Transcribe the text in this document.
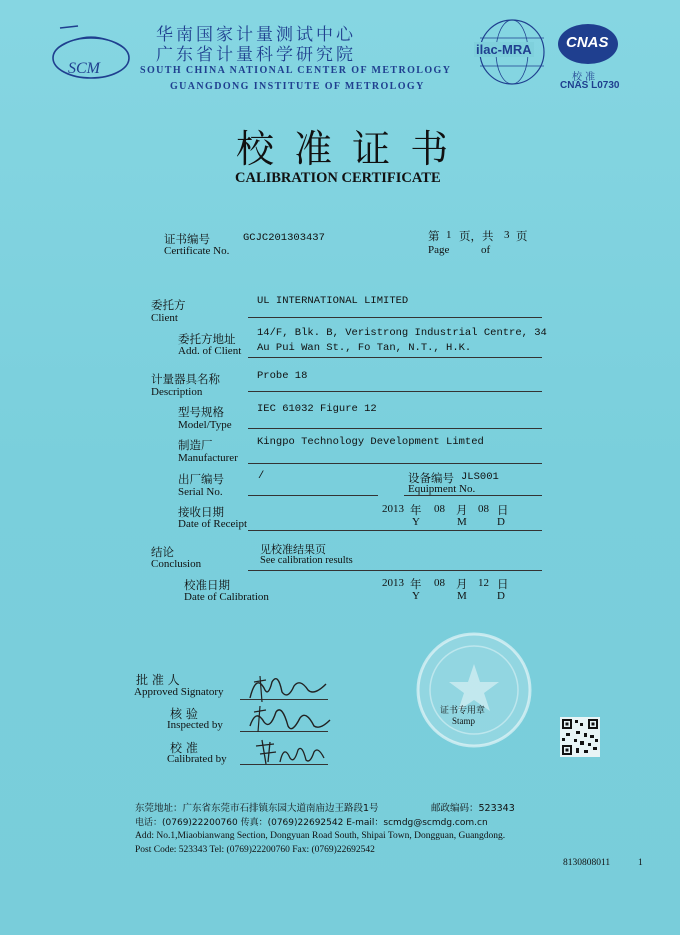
SCM
华南国家计量测试中心
广东省计量科学研究院
SOUTH CHINA NATIONAL CENTER OF METROLOGY
GUANGDONG INSTITUTE OF METROLOGY
ilac-MRA CNAS
校 准
CNAS L0730
校 准 证 书
CALIBRATION CERTIFICATE
证书编号
Certificate No.
GCJC201303437	第 1 页，共 3 页
Page	of
委托方
Client
UL INTERNATIONAL LIMITED
委托方地址
Add. of Client
14/F, Blk. B, Veristrong Industrial Centre, 34
Au Pui Wan St., Fo Tan, N.T., H.K.
计量器具名称
Description
Probe 18
型号规格
Model/Type
IEC 61032 Figure 12
制造厂
Manufacturer
Kingpo Technology Development Limted
出厂编号
Serial No.
/	设备编号 JLS001
Equipment No.
接收日期
Date of Receipt
2013 年 08 月 08 日
Y	M	D
结论
Conclusion
见校准结果页
See calibration results
校准日期
Date of Calibration
2013 年 08 月 12 日
Y	M	D
批 准 人
Approved Signatory
核 验
Inspected by
校 准
Calibrated by
证书专用章
Stamp
东莞地址：广东省东莞市石排镇东园大道南庙边王路段1号	邮政编码：523343
电话：(0769)22200760 传真：(0769)22692542 E-mail：scmdg@scmdg.com.cn
Add: No.1,Miaobianwang Section, Dongyuan Road South, Shipai Town, Dongguan, Guangdong.
Post Code: 523343 Tel: (0769)22200760 Fax: (0769)22692542
8130808011	1
